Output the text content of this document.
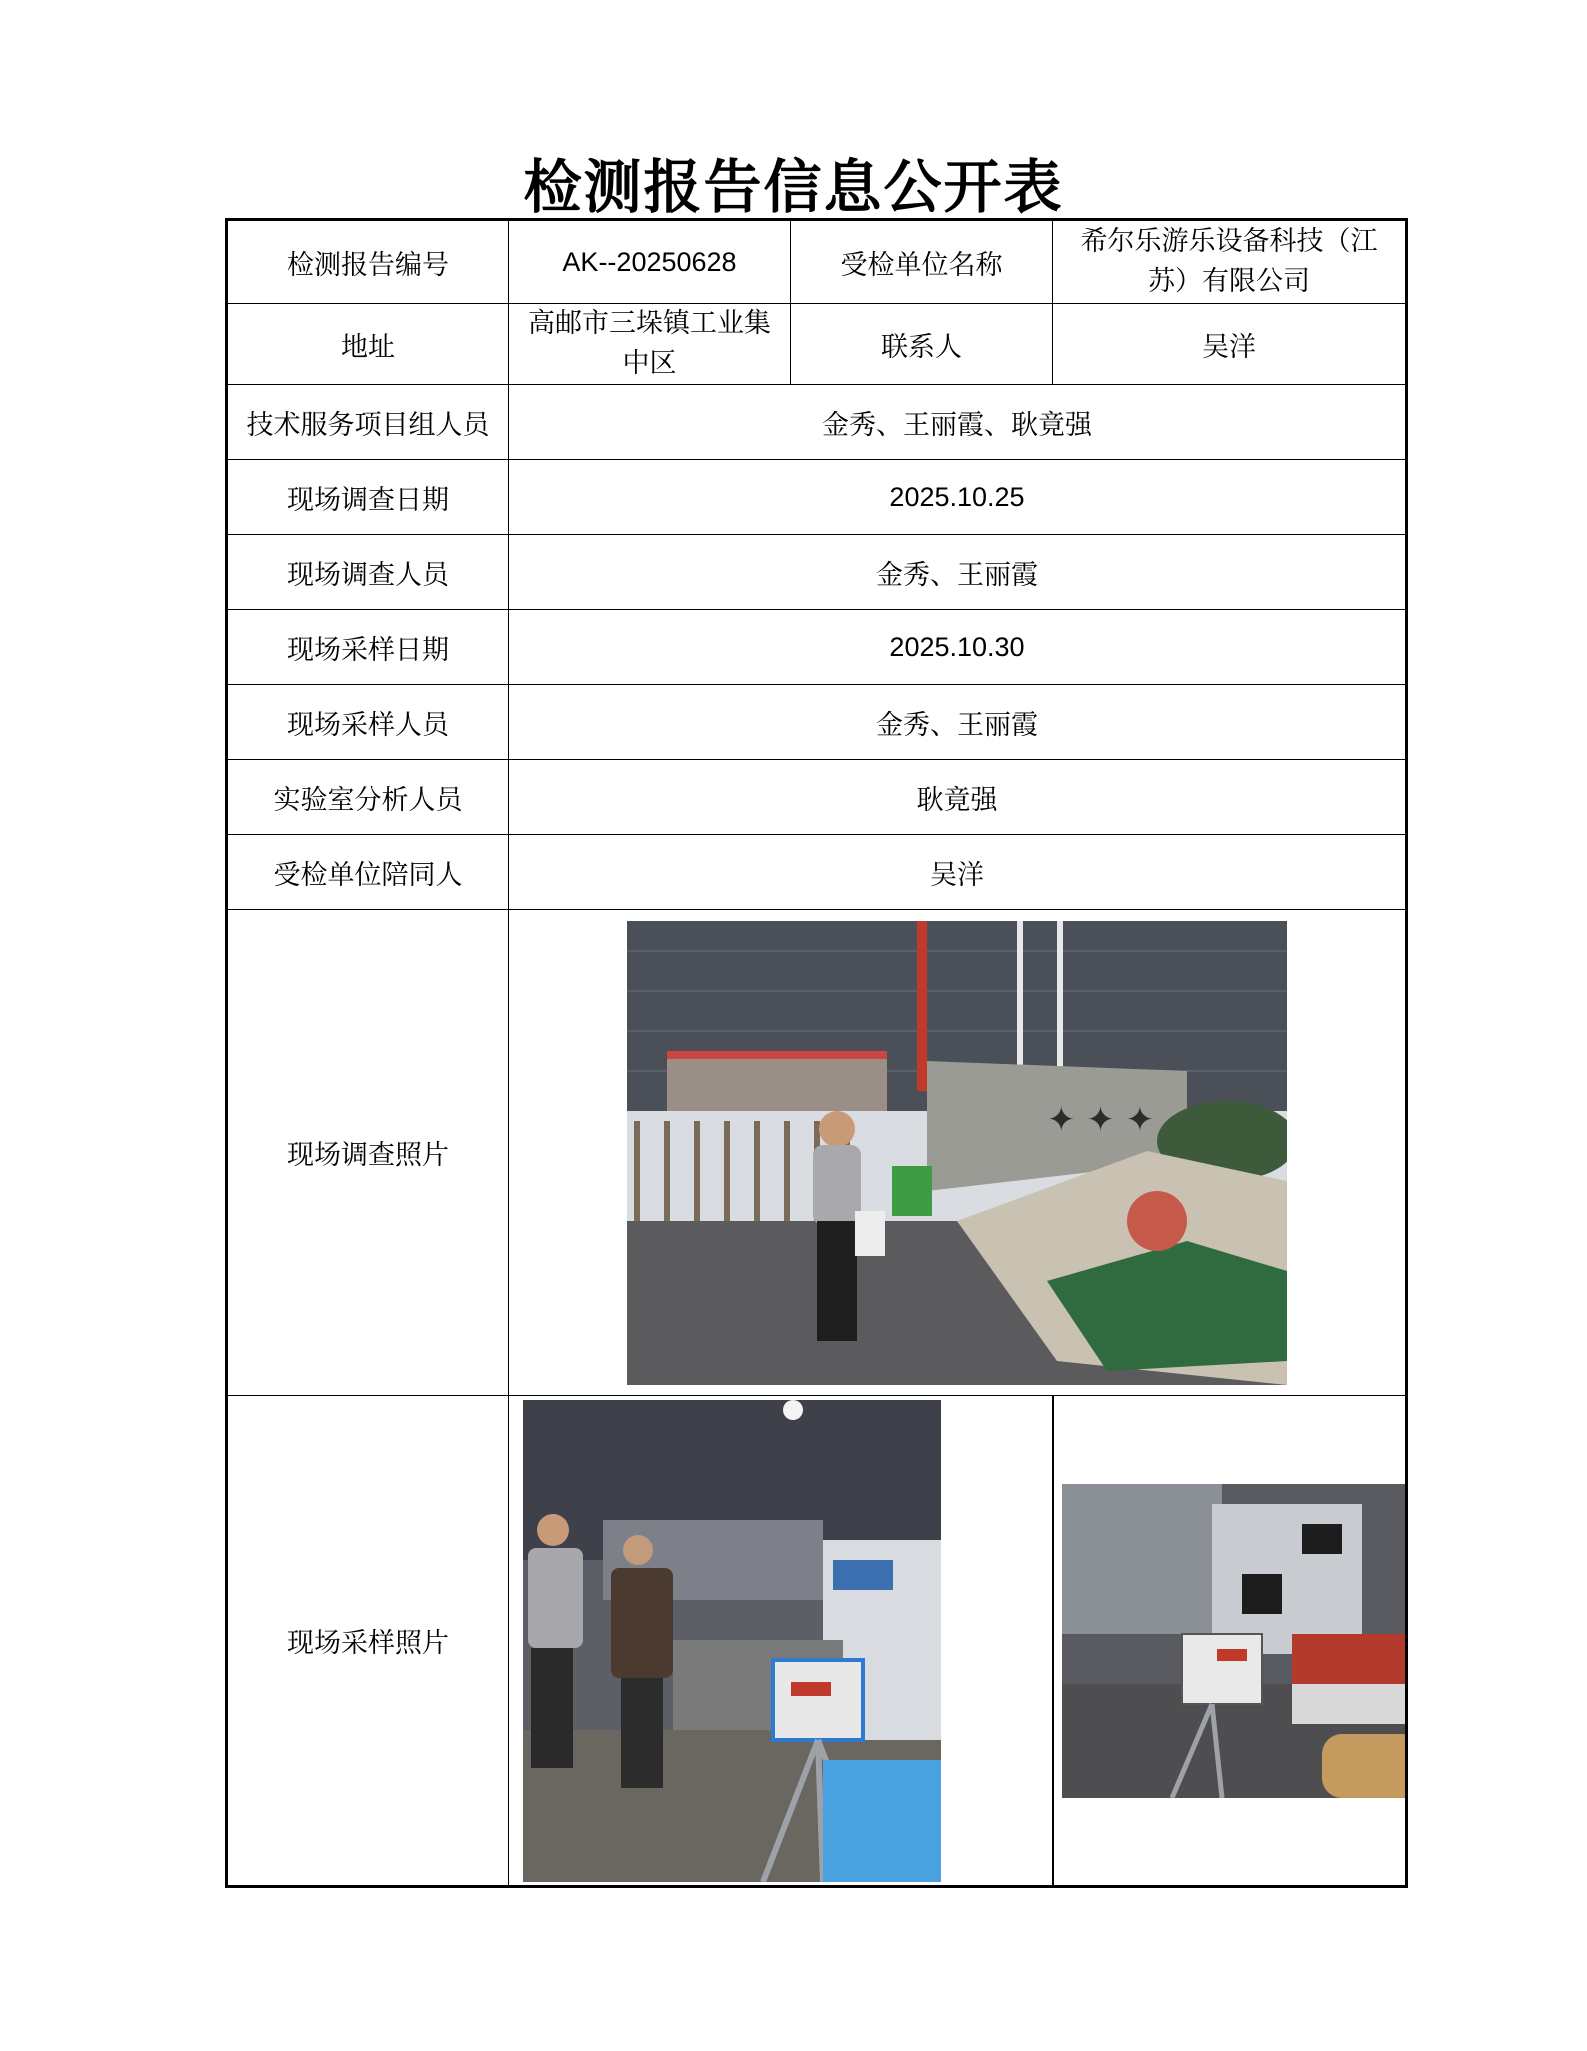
检测报告信息公开表
检测报告编号	AK--20250628	受检单位名称	希尔乐游乐设备科技（江苏）有限公司
地址	高邮市三垛镇工业集中区	联系人	吴洋
技术服务项目组人员	金秀、王丽霞、耿竟强		
现场调查日期	2025.10.25		
现场调查人员	金秀、王丽霞		
现场采样日期	2025.10.30		
现场采样人员	金秀、王丽霞		
实验室分析人员	耿竟强		
受检单位陪同人	吴洋		
现场调查照片	✦ ✦ ✦		

现场采样照片	
